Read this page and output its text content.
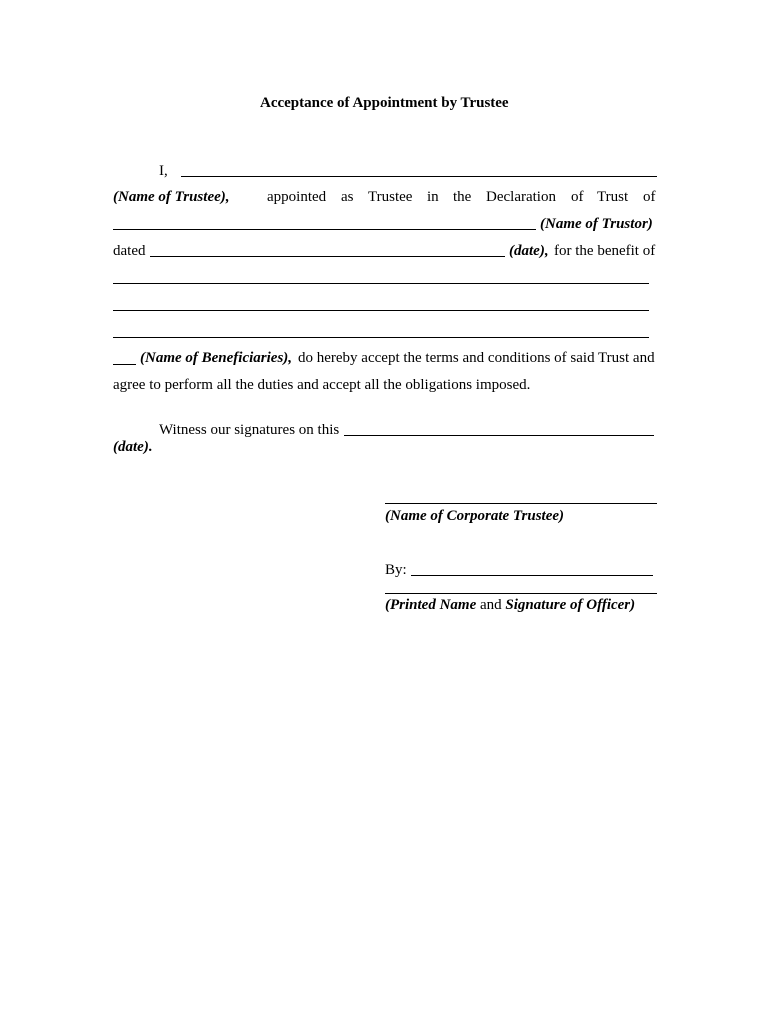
Acceptance of Appointment by Trustee
I,
(Name of Trustee),	appointed as Trustee in the Declaration of Trust of
(Name of Trustor)
dated	(date), for the benefit of
(Name of Beneficiaries), do hereby accept the terms and conditions of said Trust and
agree to perform all the duties and accept all the obligations imposed.
Witness our signatures on this
(date).
(Name of Corporate Trustee)
By:
(Printed Name and Signature of Officer)
